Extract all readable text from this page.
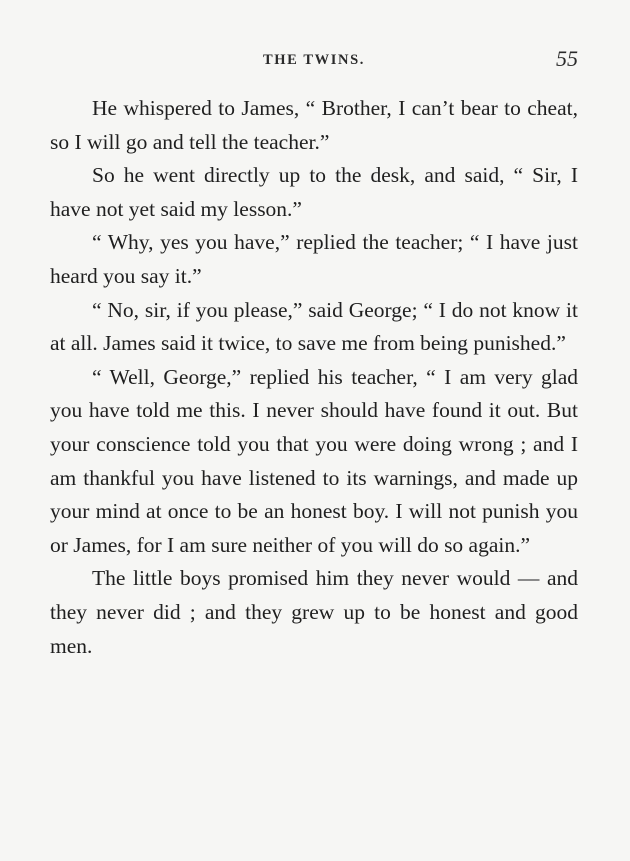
THE TWINS.	55

He whispered to James, “ Brother, I can’t bear to cheat, so I will go and tell the teacher.”

So he went directly up to the desk, and said, “ Sir, I have not yet said my lesson.”

“ Why, yes you have,” replied the teacher; “ I have just heard you say it.”

“ No, sir, if you please,” said George; “ I do not know it at all. James said it twice, to save me from being punished.”

“ Well, George,” replied his teacher, “ I am very glad you have told me this. I never should have found it out. But your conscience told you that you were doing wrong ; and I am thankful you have listened to its warnings, and made up your mind at once to be an honest boy. I will not punish you or James, for I am sure neither of you will do so again.”

The little boys promised him they never would — and they never did ; and they grew up to be honest and good men.
